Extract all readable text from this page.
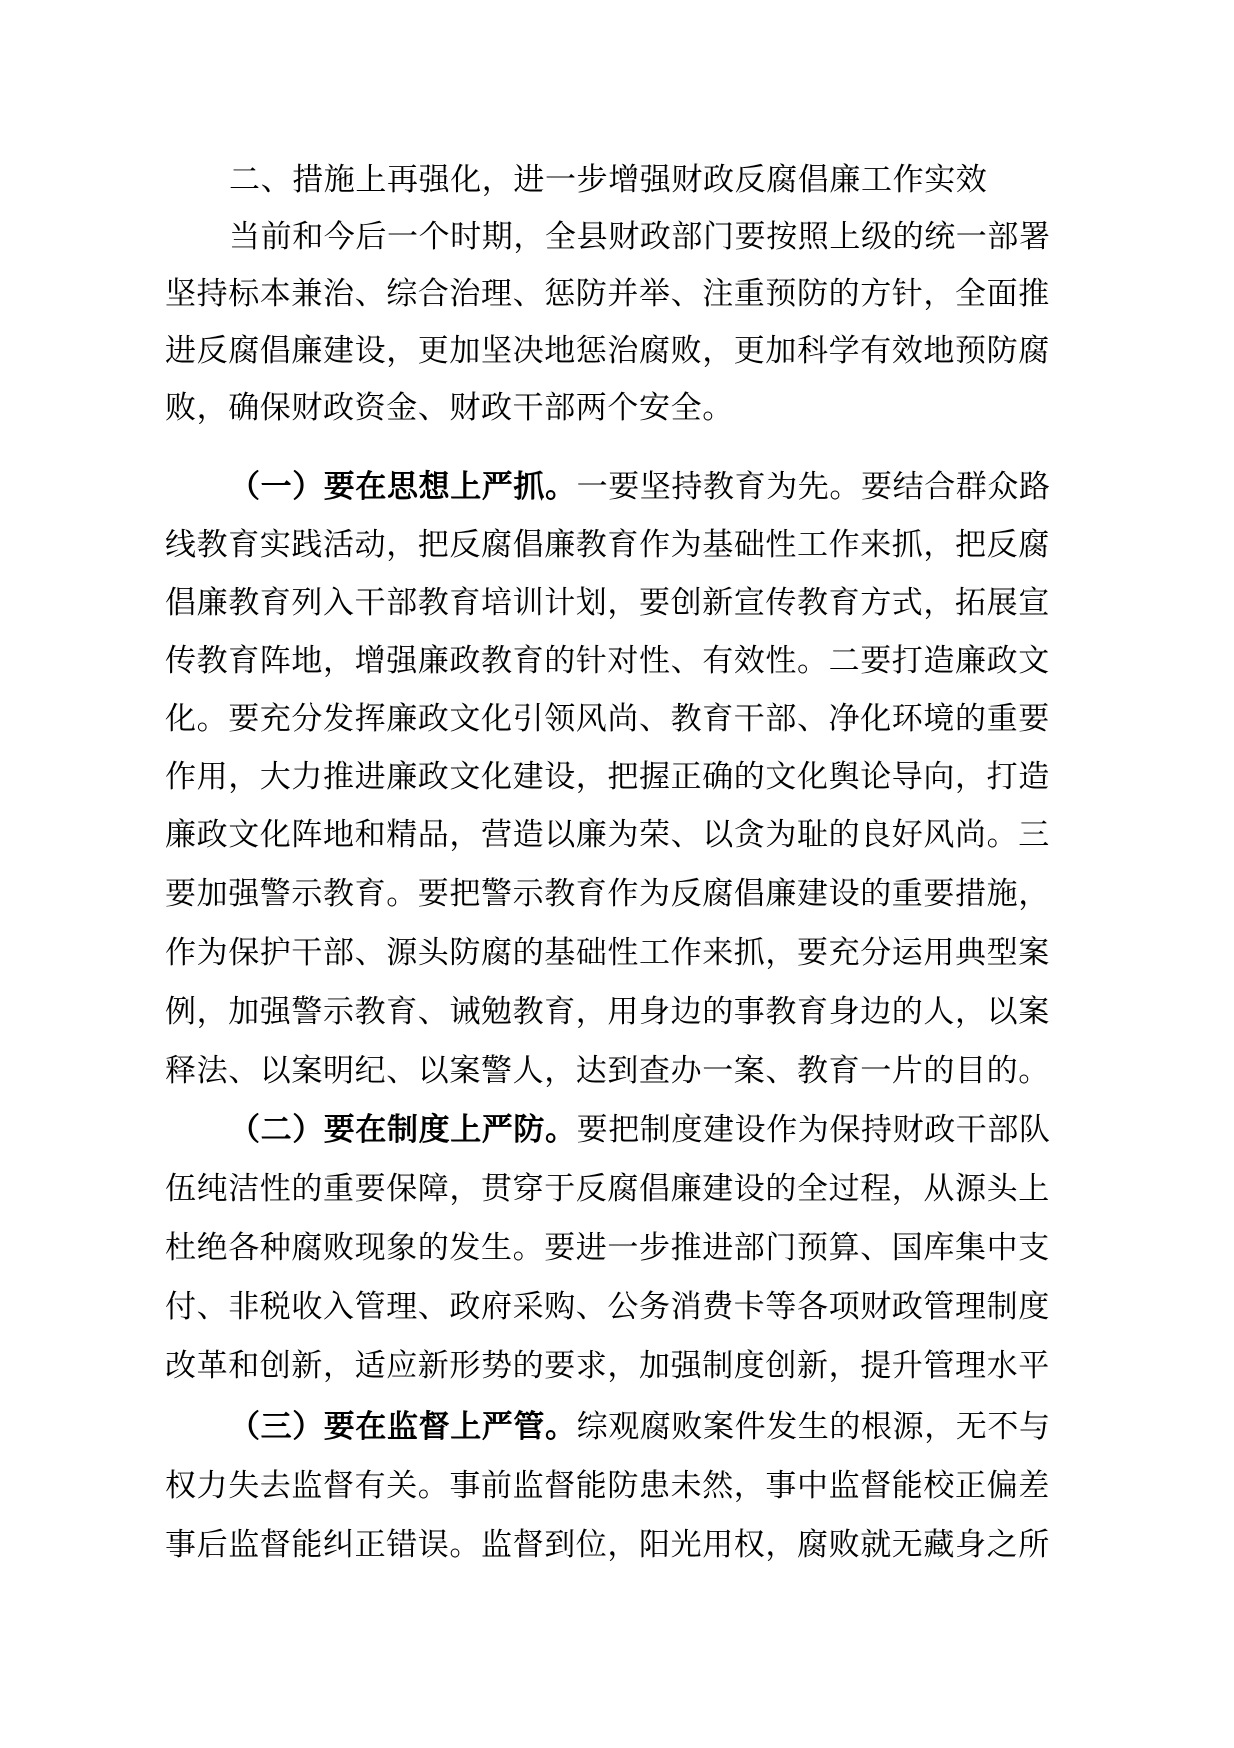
二、措施上再强化，进一步增强财政反腐倡廉工作实效
当前和今后一个时期，全县财政部门要按照上级的统一部署
坚持标本兼治、综合治理、惩防并举、注重预防的方针，全面推
进反腐倡廉建设，更加坚决地惩治腐败，更加科学有效地预防腐
败，确保财政资金、财政干部两个安全。
（一）要在思想上严抓。一要坚持教育为先。要结合群众路
线教育实践活动，把反腐倡廉教育作为基础性工作来抓，把反腐
倡廉教育列入干部教育培训计划，要创新宣传教育方式，拓展宣
传教育阵地，增强廉政教育的针对性、有效性。二要打造廉政文
化。要充分发挥廉政文化引领风尚、教育干部、净化环境的重要
作用，大力推进廉政文化建设，把握正确的文化舆论导向，打造
廉政文化阵地和精品，营造以廉为荣、以贪为耻的良好风尚。三
要加强警示教育。要把警示教育作为反腐倡廉建设的重要措施，
作为保护干部、源头防腐的基础性工作来抓，要充分运用典型案
例，加强警示教育、诫勉教育，用身边的事教育身边的人，以案
释法、以案明纪、以案警人，达到查办一案、教育一片的目的。
（二）要在制度上严防。要把制度建设作为保持财政干部队
伍纯洁性的重要保障，贯穿于反腐倡廉建设的全过程，从源头上
杜绝各种腐败现象的发生。要进一步推进部门预算、国库集中支
付、非税收入管理、政府采购、公务消费卡等各项财政管理制度
改革和创新，适应新形势的要求，加强制度创新，提升管理水平
（三）要在监督上严管。综观腐败案件发生的根源，无不与
权力失去监督有关。事前监督能防患未然，事中监督能校正偏差
事后监督能纠正错误。监督到位，阳光用权，腐败就无藏身之所
